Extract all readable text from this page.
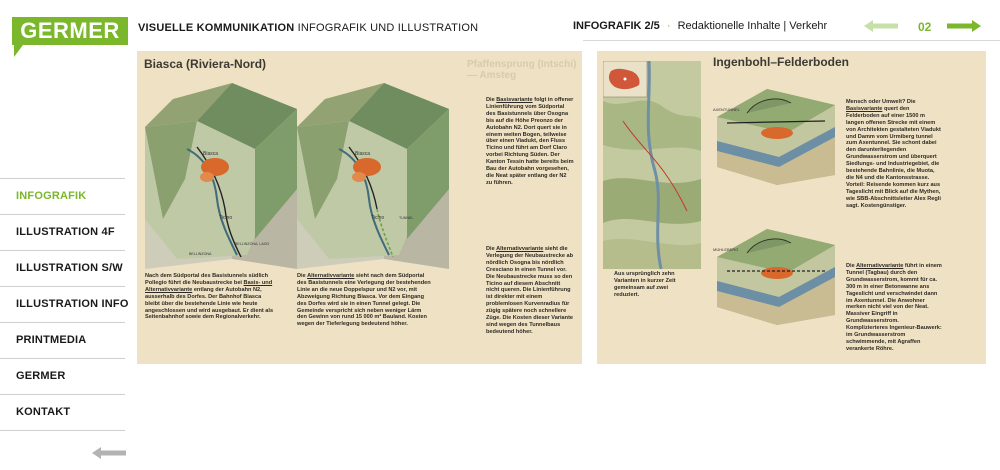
GERMER	VISUELLE KOMMUNIKATION INFOGRAFIK UND ILLUSTRATION	INFOGRAFIK 2/5 · Redaktionelle Inhalte | Verkehr	02
INFOGRAFIK
ILLUSTRATION 4F
ILLUSTRATION S/W
ILLUSTRATION INFO
PRINTMEDIA
GERMER
KONTAKT
Biasca (Riviera-Nord)	Pfaffensprung (Intschi) — Amsteg
Biasca
Ticino
BELLINZONA, LAGO
BELLINZONA
Biasca
Ticino	TUNNEL
Nach dem Südportal des Basistunnels südlich Pollegio führt die Neubaustrecke bei Basis- und Alternativvariante entlang der Autobahn N2, ausserhalb des Dorfes. Der Bahnhof Biasca bleibt über die bestehende Linie wie heute angeschlossen und wird ausgebaut. Er dient als Seitenbahnhof sowie dem Regionalverkehr.
Die Alternativvariante sieht nach dem Südportal des Basistunnels eine Verlegung der bestehenden Linie an die neue Doppelspur und N2 vor, mit Abzweigung Richtung Biasca. Vor dem Eingang des Dorfes wird sie in einen Tunnel gelegt. Die Gemeinde verspricht sich neben weniger Lärm den Gewinn von rund 15 000 m² Bauland. Kosten wegen der Tieferlegung bedeutend höher.
Die Basisvariante folgt in offener Linienführung vom Südportal des Basistunnels über Osogna bis auf die Höhe Preonzo der Autobahn N2. Dort quert sie in einem weiten Bogen, teilweise über einen Viadukt, den Fluss Ticino und führt am Dorf Claro vorbei Richtung Süden. Der Kanton Tessin hatte bereits beim Bau der Autobahn vorgesehen, die Neat später entlang der N2 zu führen.
Die Alternativvariante sieht die Verlegung der Neubaustrecke ab nördlich Osogna bis nördlich Cresciano in einen Tunnel vor. Die Neubaustrecke muss so den Ticino auf diesem Abschnitt nicht queren. Die Linienführung ist direkter mit einem problemlosen Kurvenradius für zügig spätere noch schnellere Züge. Die Kosten dieser Variante sind wegen des Tunnelbaus bedeutend höher.
Ingenbohl–Felderboden
Aus ursprünglich zehn Varianten in kurzer Zeit gemeinsam auf zwei reduziert.
AXENTUNNEL
MÜHLEBERG
Mensch oder Umwelt? Die Basisvariante quert den Felderboden auf einer 1500 m langen offenen Strecke mit einem von Architekten gestalteten Viadukt und Damm vom Urmiberg tunnel zum Axentunnel. Sie schont dabei den darunterliegenden Grundwasserstrom und überquert Siedlungs- und Industriegebiet, die bestehende Bahnlinie, die Muota, die N4 und die Kantonsstrasse. Vorteil: Reisende kommen kurz aus Tageslicht mit Blick auf die Mythen, wie SBB-Abschnittsleiter Alex Regli sagt. Kostengünstiger.
Die Alternativvariante führt in einem Tunnel (Tagbau) durch den Grundwasserstrom, kommt für ca. 300 m in einer Betonwanne ans Tageslicht und verschwindet dann im Axentunnel. Die Anwohner merken nicht viel von der Neat. Massiver Eingriff in Grundwasserstrom. Komplizierteres Ingenieur-Bauwerk: im Grundwasserstrom schwimmende, mit Agraffen verankerte Röhre.
